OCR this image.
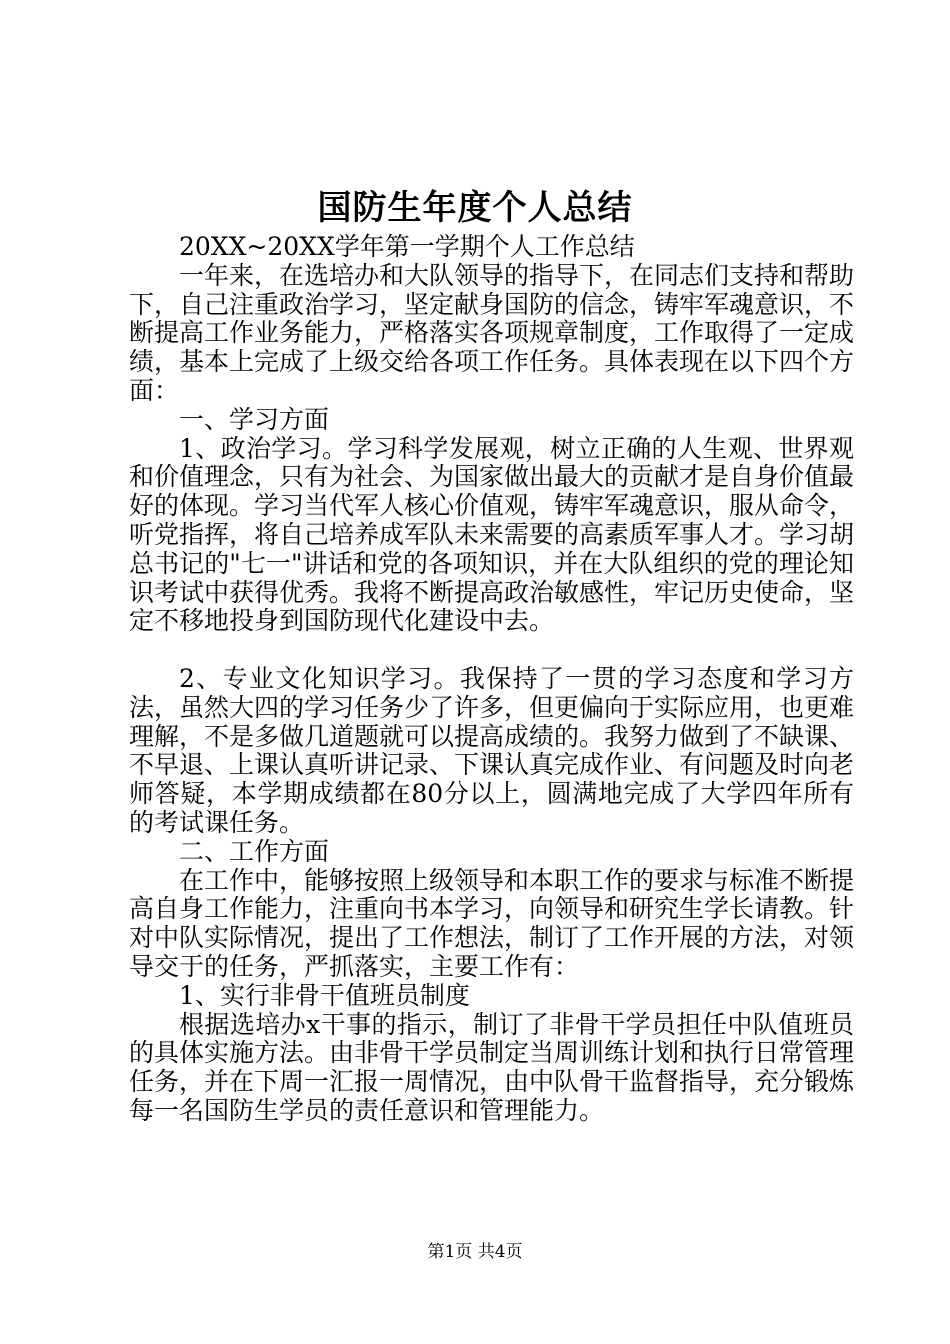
国防生年度个人总结

20XX~20XX学年第一学期个人工作总结

一年来，在选培办和大队领导的指导下，在同志们支持和帮助下，自己注重政治学习，坚定献身国防的信念，铸牢军魂意识，不断提高工作业务能力，严格落实各项规章制度，工作取得了一定成绩，基本上完成了上级交给各项工作任务。具体表现在以下四个方面：

一、学习方面

1、政治学习。学习科学发展观，树立正确的人生观、世界观和价值理念，只有为社会、为国家做出最大的贡献才是自身价值最好的体现。学习当代军人核心价值观，铸牢军魂意识，服从命令，听党指挥，将自己培养成军队未来需要的高素质军事人才。学习胡总书记的"七一"讲话和党的各项知识，并在大队组织的党的理论知识考试中获得优秀。我将不断提高政治敏感性，牢记历史使命，坚定不移地投身到国防现代化建设中去。

2、专业文化知识学习。我保持了一贯的学习态度和学习方法，虽然大四的学习任务少了许多，但更偏向于实际应用，也更难理解，不是多做几道题就可以提高成绩的。我努力做到了不缺课、不早退、上课认真听讲记录、下课认真完成作业、有问题及时向老师答疑，本学期成绩都在80分以上，圆满地完成了大学四年所有的考试课任务。

二、工作方面

在工作中，能够按照上级领导和本职工作的要求与标准不断提高自身工作能力，注重向书本学习，向领导和研究生学长请教。针对中队实际情况，提出了工作想法，制订了工作开展的方法，对领导交于的任务，严抓落实，主要工作有：

1、实行非骨干值班员制度

根据选培办x干事的指示，制订了非骨干学员担任中队值班员的具体实施方法。由非骨干学员制定当周训练计划和执行日常管理任务，并在下周一汇报一周情况，由中队骨干监督指导，充分锻炼每一名国防生学员的责任意识和管理能力。

第1页 共4页
